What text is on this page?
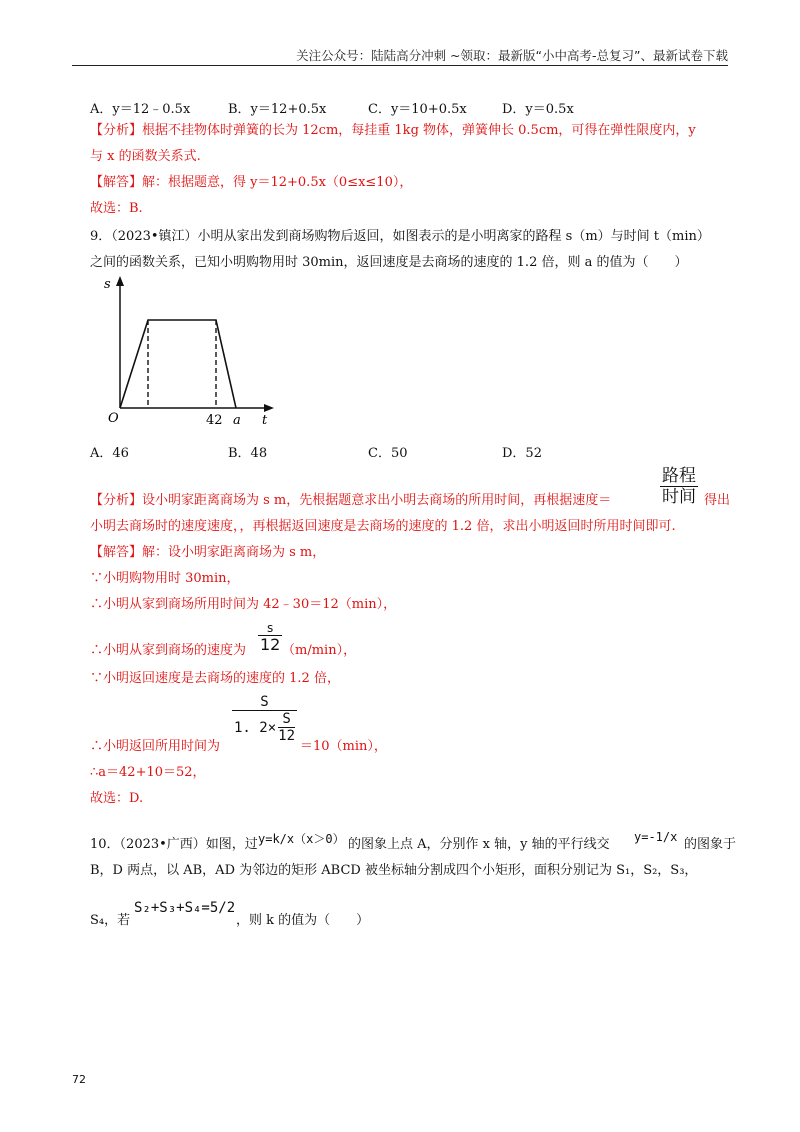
关注公众号：陆陆高分冲刺 ~领取：最新版“小中高考-总复习”、最新试卷下载
A．y＝12﹣0.5x	B．y＝12+0.5x	C．y＝10+0.5x	D．y＝0.5x
【分析】根据不挂物体时弹簧的长为 12cm，每挂重 1kg 物体，弹簧伸长 0.5cm，可得在弹性限度内，y
与 x 的函数关系式.
【解答】解：根据题意，得 y＝12+0.5x（0≤x≤10），
故选：B.
9．（2023•镇江）小明从家出发到商场购物后返回，如图表示的是小明离家的路程 s（m）与时间 t（min）
之间的函数关系，已知小明购物用时 30min，返回速度是去商场的速度的 1.2 倍，则 a 的值为（　　）
s
t
O	42 a
A．46	B．48	C．50	D．52
【分析】设小明家距离商场为 s m，先根据题意求出小明去商场的所用时间，再根据速度＝
路程
时间 得出
小明去商场时的速度速度，，再根据返回速度是去商场的速度的 1.2 倍，求出小明返回时所用时间即可.
【解答】解：设小明家距离商场为 s m，
∵小明购物用时 30min，
∴小明从家到商场所用时间为 42﹣30＝12（min），
∴小明从家到商场的速度为
s
12 （m/min），
∵小明返回速度是去商场的速度的 1.2 倍，
∴小明返回所用时间为
S
1. 2×
S
12
＝10（min），
∴a＝42+10＝52，
故选：D.
10．（2023•广西）如图，过 y=k/x（x＞0） 的图象上点 A，分别作 x 轴，y 轴的平行线交 y=-1/x 的图象于
B，D 两点，以 AB，AD 为邻边的矩形 ABCD 被坐标轴分割成四个小矩形，面积分别记为 S₁，S₂，S₃，
S₄，若
S₂+S₃+S₄=5/2
，则 k 的值为（　　）
72
